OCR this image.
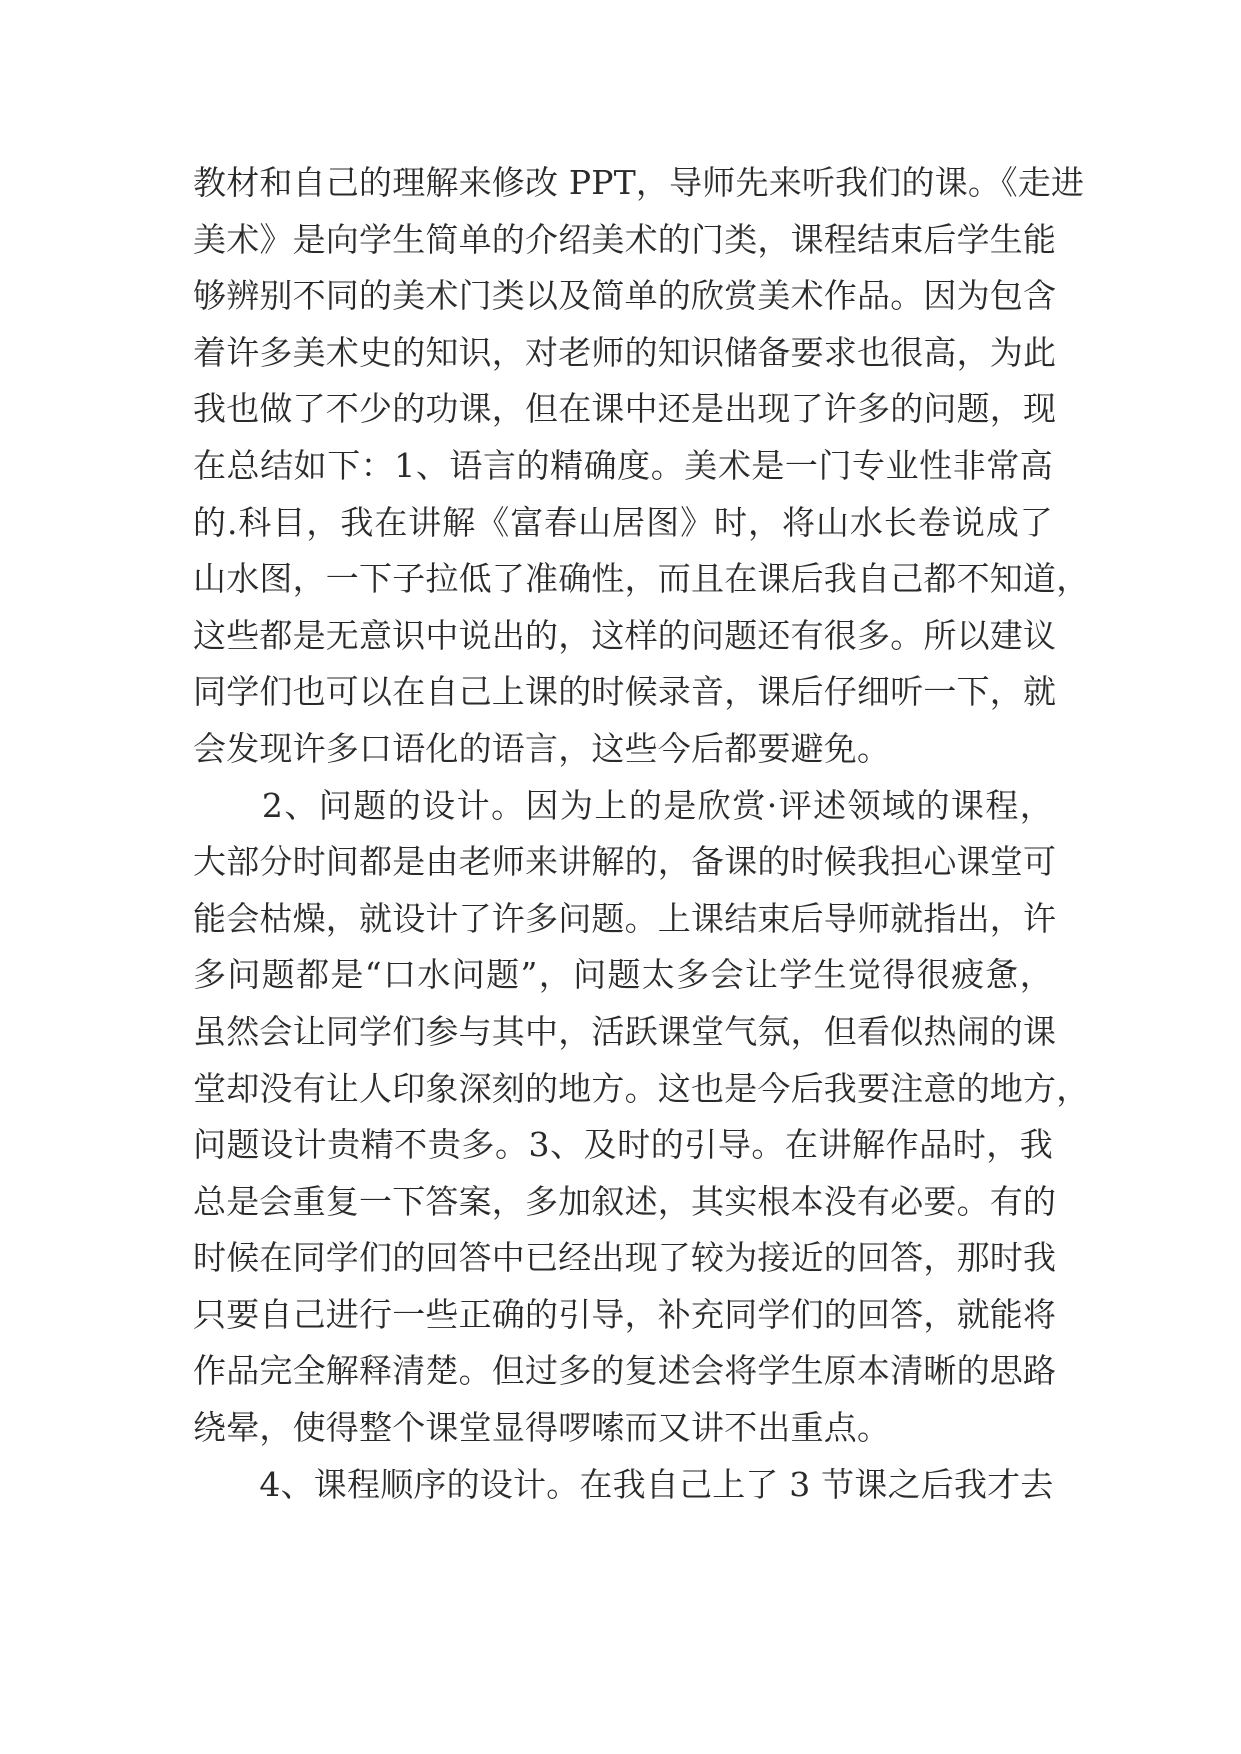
教材和自己的理解来修改 PPT，导师先来听我们的课。《走进
美术》是向学生简单的介绍美术的门类，课程结束后学生能
够辨别不同的美术门类以及简单的欣赏美术作品。因为包含
着许多美术史的知识，对老师的知识储备要求也很高，为此
我也做了不少的功课，但在课中还是出现了许多的问题，现
在总结如下：1、语言的精确度。美术是一门专业性非常高
的.科目，我在讲解《富春山居图》时，将山水长卷说成了
山水图，一下子拉低了准确性，而且在课后我自己都不知道，
这些都是无意识中说出的，这样的问题还有很多。所以建议
同学们也可以在自己上课的时候录音，课后仔细听一下，就
会发现许多口语化的语言，这些今后都要避免。
　　2、问题的设计。因为上的是欣赏·评述领域的课程，
大部分时间都是由老师来讲解的，备课的时候我担心课堂可
能会枯燥，就设计了许多问题。上课结束后导师就指出，许
多问题都是“口水问题”，问题太多会让学生觉得很疲惫，
虽然会让同学们参与其中，活跃课堂气氛，但看似热闹的课
堂却没有让人印象深刻的地方。这也是今后我要注意的地方，
问题设计贵精不贵多。3、及时的引导。在讲解作品时，我
总是会重复一下答案，多加叙述，其实根本没有必要。有的
时候在同学们的回答中已经出现了较为接近的回答，那时我
只要自己进行一些正确的引导，补充同学们的回答，就能将
作品完全解释清楚。但过多的复述会将学生原本清晰的思路
绕晕，使得整个课堂显得啰嗦而又讲不出重点。
　　4、课程顺序的设计。在我自己上了 3 节课之后我才去
